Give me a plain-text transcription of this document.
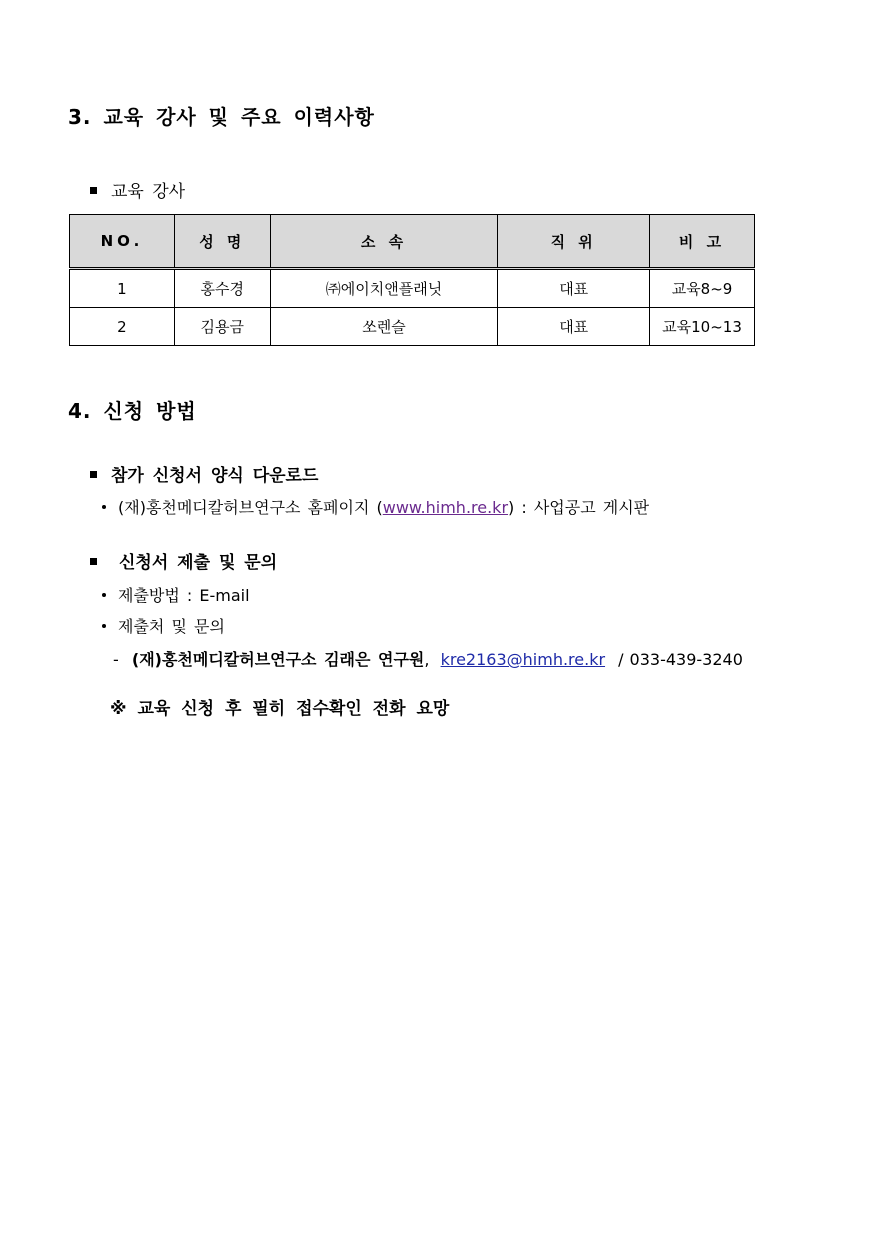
3. 교육 강사 및 주요 이력사항
교육 강사
NO.	성 명	소 속	직 위	비 고
1	홍수경	㈜에이치앤플래닛	대표	교육8~9
2	김용금	쏘렌슬	대표	교육10~13
4. 신청 방법
참가 신청서 양식 다운로드
(재)홍천메디칼허브연구소 홈페이지 (www.himh.re.kr) : 사업공고 게시판
신청서 제출 및 문의
제출방법 : E-mail
제출처 및 문의
- (재)홍천메디칼허브연구소 김래은 연구원, kre2163@himh.re.kr / 033-439-3240
※ 교육 신청 후 필히 접수확인 전화 요망
